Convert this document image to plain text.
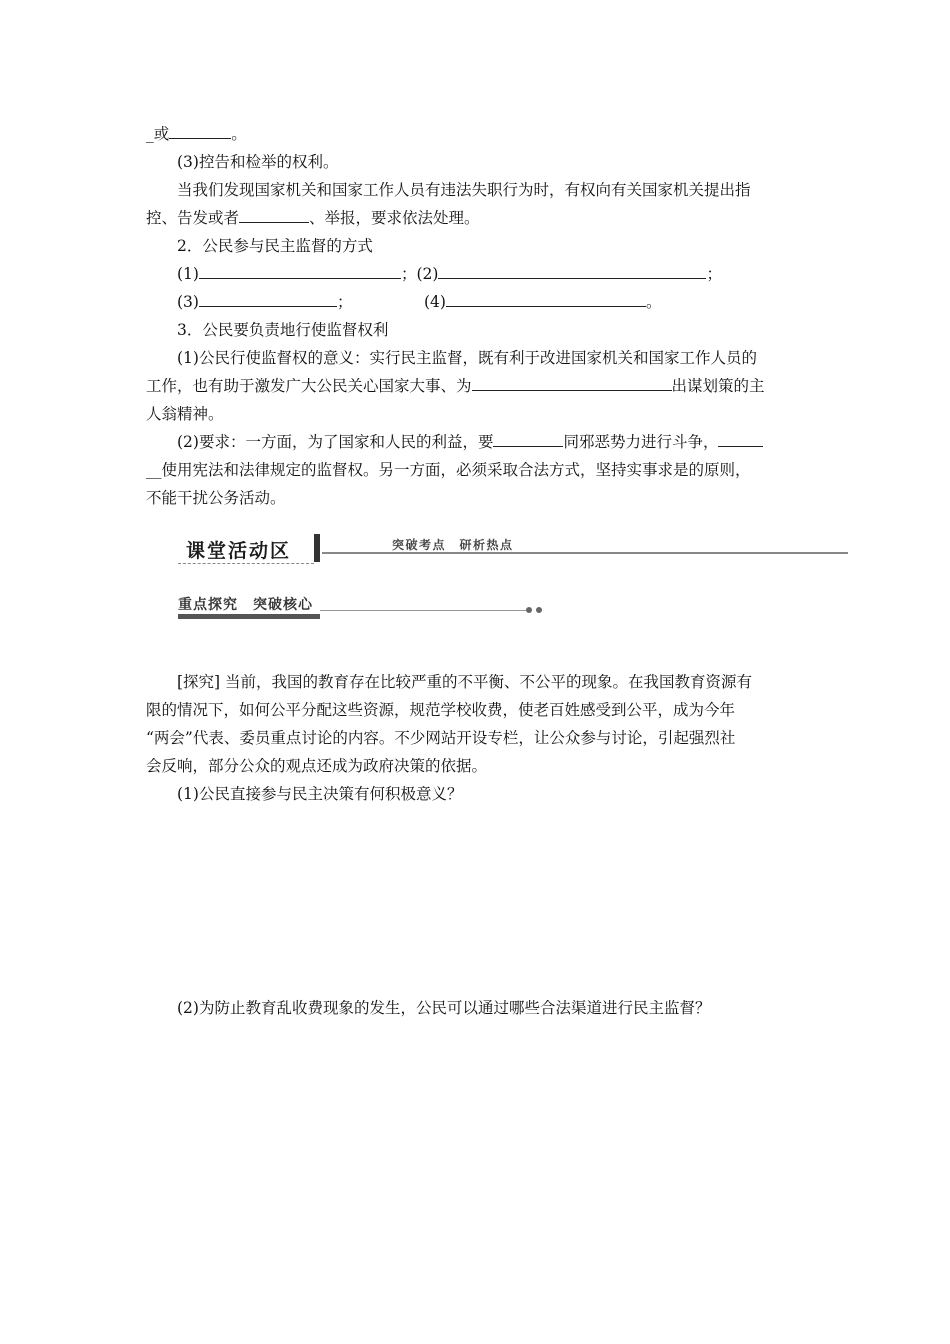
_或	。
(3)控告和检举的权利。
当我们发现国家机关和国家工作人员有违法失职行为时，有权向有关国家机关提出指
控、告发或者	、举报，要求依法处理。
2．公民参与民主监督的方式
(1)	；(2)	；
(3)	；	(4)	。
3．公民要负责地行使监督权利
(1)公民行使监督权的意义：实行民主监督，既有利于改进国家机关和国家工作人员的
工作，也有助于激发广大公民关心国家大事、为	出谋划策的主
人翁精神。
(2)要求：一方面，为了国家和人民的利益，要	同邪恶势力进行斗争，
__使用宪法和法律规定的监督权。另一方面，必须采取合法方式，坚持实事求是的原则，
不能干扰公务活动。
课堂活动区	突破考点　研析热点
重点探究　突破核心
[探究] 当前，我国的教育存在比较严重的不平衡、不公平的现象。在我国教育资源有
限的情况下，如何公平分配这些资源，规范学校收费，使老百姓感受到公平，成为今年
“两会”代表、委员重点讨论的内容。不少网站开设专栏，让公众参与讨论，引起强烈社
会反响，部分公众的观点还成为政府决策的依据。
(1)公民直接参与民主决策有何积极意义？
(2)为防止教育乱收费现象的发生，公民可以通过哪些合法渠道进行民主监督？
